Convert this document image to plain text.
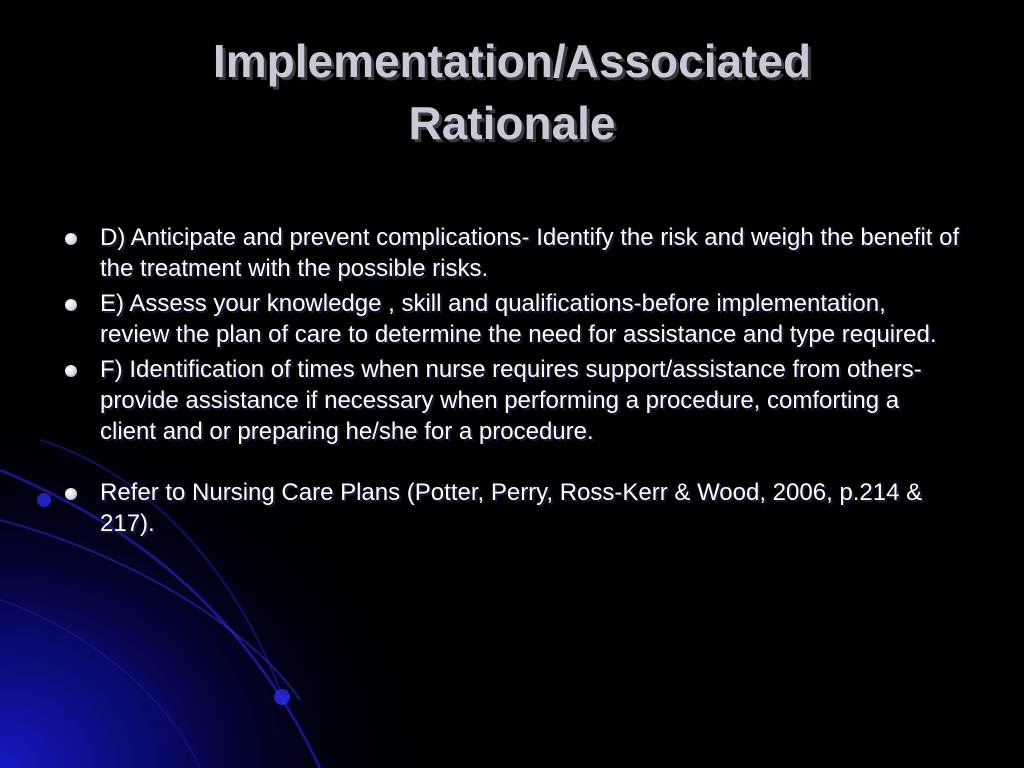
Implementation/Associated
Rationale
D) Anticipate and prevent complications- Identify the risk and weigh the benefit of the treatment with the possible risks.
E) Assess your knowledge , skill and qualifications-before implementation, review the plan of care to determine the need for assistance and type required.
F) Identification of times when nurse requires support/assistance from others-provide assistance if necessary when performing a procedure, comforting a client and or preparing he/she for a procedure.
Refer to Nursing Care Plans (Potter, Perry, Ross-Kerr & Wood, 2006, p.214 & 217).
